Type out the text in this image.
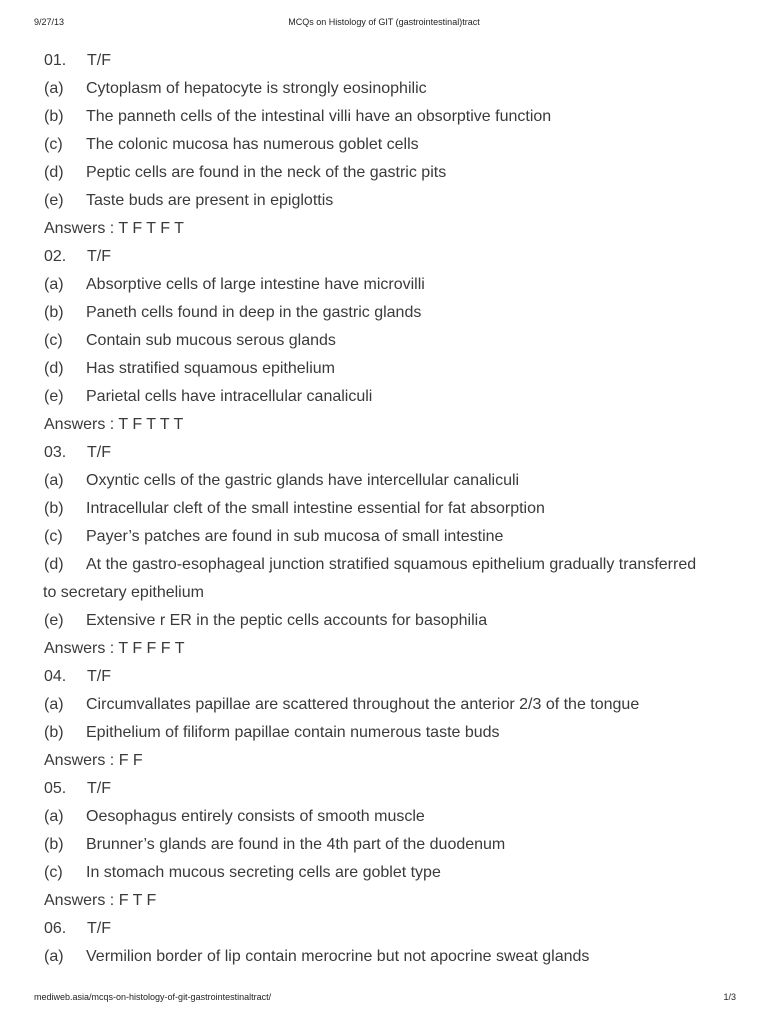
9/27/13	MCQs on Histology of GIT (gastrointestinal)tract
01. T/F
(a) Cytoplasm of hepatocyte is strongly eosinophilic
(b) The panneth cells of the intestinal villi have an obsorptive function
(c) The colonic mucosa has numerous goblet cells
(d) Peptic cells are found in the neck of the gastric pits
(e) Taste buds are present in epiglottis
Answers : T F T F T
02. T/F
(a) Absorptive cells of large intestine have microvilli
(b) Paneth cells found in deep in the gastric glands
(c) Contain sub mucous serous glands
(d) Has stratified squamous epithelium
(e) Parietal cells have intracellular canaliculi
Answers : T F T T T
03. T/F
(a) Oxyntic cells of the gastric glands have intercellular canaliculi
(b) Intracellular cleft of the small intestine essential for fat absorption
(c) Payer’s patches are found in sub mucosa of small intestine
(d) At the gastro-esophageal junction stratified squamous epithelium gradually transferred
to secretary epithelium
(e) Extensive r ER in the peptic cells accounts for basophilia
Answers : T F F F T
04. T/F
(a) Circumvallates papillae are scattered throughout the anterior 2/3 of the tongue
(b) Epithelium of filiform papillae contain numerous taste buds
Answers : F F
05. T/F
(a) Oesophagus entirely consists of smooth muscle
(b) Brunner’s glands are found in the 4th part of the duodenum
(c) In stomach mucous secreting cells are goblet type
Answers : F T F
06. T/F
(a) Vermilion border of lip contain merocrine but not apocrine sweat glands
mediweb.asia/mcqs-on-histology-of-git-gastrointestinaltract/	1/3
